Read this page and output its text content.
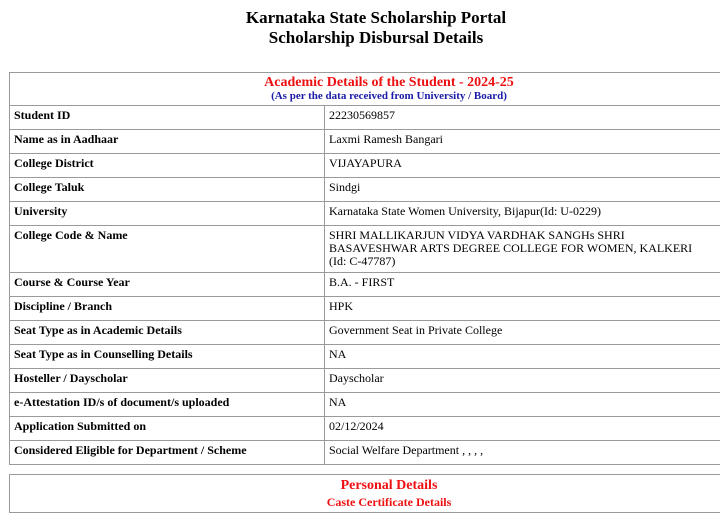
Karnataka State Scholarship Portal
Scholarship Disbursal Details
Academic Details of the Student - 2024-25
(As per the data received from University / Board)	

Student ID	22230569857
Name as in Aadhaar	Laxmi Ramesh Bangari
College District	VIJAYAPURA
College Taluk	Sindgi
University	Karnataka State Women University, Bijapur(Id: U-0229)
College Code & Name	SHRI MALLIKARJUN VIDYA VARDHAK SANGHs SHRI
BASAVESHWAR ARTS DEGREE COLLEGE FOR WOMEN, KALKERI
(Id: C-47787)

Course & Course Year	B.A. - FIRST
Discipline / Branch	HPK
Seat Type as in Academic Details	Government Seat in Private College
Seat Type as in Counselling Details	NA
Hosteller / Dayscholar	Dayscholar
e-Attestation ID/s of document/s uploaded	NA
Application Submitted on	02/12/2024
Considered Eligible for Department / Scheme	Social Welfare Department , , , ,
Personal Details
Caste Certificate Details
